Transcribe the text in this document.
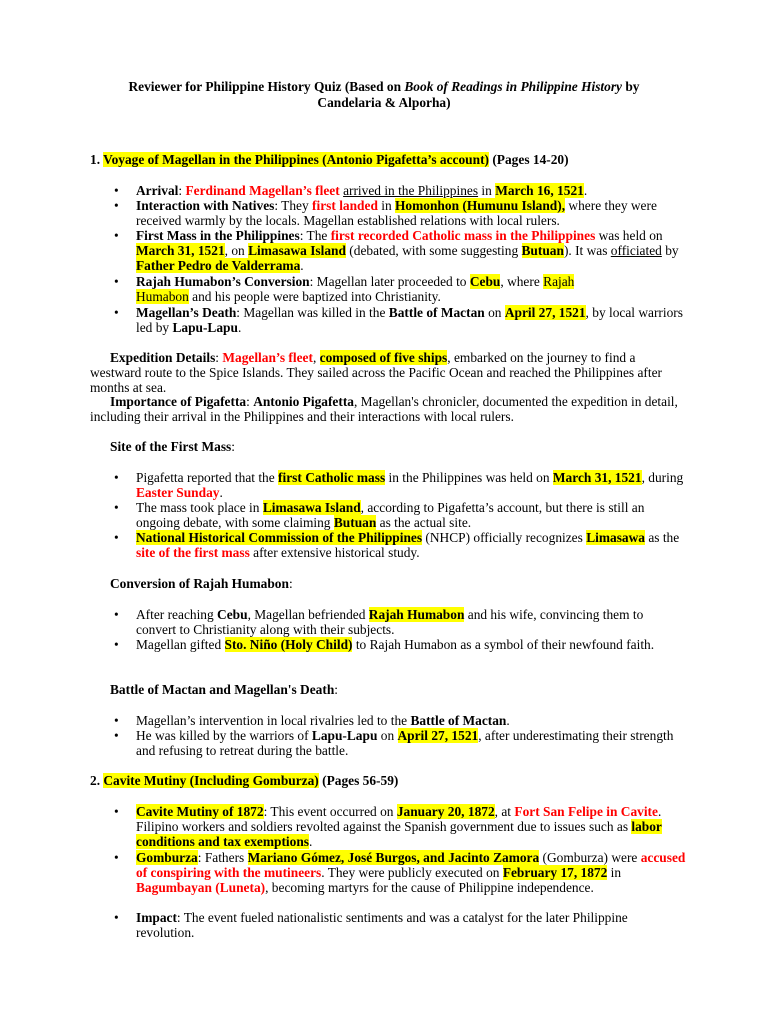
Reviewer for Philippine History Quiz (Based on Book of Readings in Philippine History by
Candelaria & Alporha)
1. Voyage of Magellan in the Philippines (Antonio Pigafetta’s account) (Pages 14-20)
•	Arrival: Ferdinand Magellan’s fleet arrived in the Philippines in March 16, 1521.
•	Interaction with Natives: They first landed in Homonhon (Humunu Island), where they were received warmly by the locals. Magellan established relations with local rulers.
•	First Mass in the Philippines: The first recorded Catholic mass in the Philippines was held on March 31, 1521, on Limasawa Island (debated, with some suggesting Butuan). It was officiated by Father Pedro de Valderrama.
•	Rajah Humabon’s Conversion: Magellan later proceeded to Cebu, where Rajah
Humabon and his people were baptized into Christianity.
•	Magellan’s Death: Magellan was killed in the Battle of Mactan on April 27, 1521, by local warriors led by Lapu-Lapu.
Expedition Details: Magellan’s fleet, composed of five ships, embarked on the journey to find a westward route to the Spice Islands. They sailed across the Pacific Ocean and reached the Philippines after months at sea.
Importance of Pigafetta: Antonio Pigafetta, Magellan's chronicler, documented the expedition in detail, including their arrival in the Philippines and their interactions with local rulers.
Site of the First Mass:
•	Pigafetta reported that the first Catholic mass in the Philippines was held on March 31, 1521, during Easter Sunday.
•	The mass took place in Limasawa Island, according to Pigafetta’s account, but there is still an ongoing debate, with some claiming Butuan as the actual site.
•	National Historical Commission of the Philippines (NHCP) officially recognizes Limasawa as the site of the first mass after extensive historical study.
Conversion of Rajah Humabon:
•	After reaching Cebu, Magellan befriended Rajah Humabon and his wife, convincing them to convert to Christianity along with their subjects.
•	Magellan gifted Sto. Niño (Holy Child) to Rajah Humabon as a symbol of their newfound faith.
Battle of Mactan and Magellan's Death:
•	Magellan’s intervention in local rivalries led to the Battle of Mactan.
•	He was killed by the warriors of Lapu-Lapu on April 27, 1521, after underestimating their strength and refusing to retreat during the battle.
2. Cavite Mutiny (Including Gomburza) (Pages 56-59)
•	Cavite Mutiny of 1872: This event occurred on January 20, 1872, at Fort San Felipe in Cavite. Filipino workers and soldiers revolted against the Spanish government due to issues such as labor conditions and tax exemptions.
•	Gomburza: Fathers Mariano Gómez, José Burgos, and Jacinto Zamora (Gomburza) were accused of conspiring with the mutineers. They were publicly executed on February 17, 1872 in Bagumbayan (Luneta), becoming martyrs for the cause of Philippine independence.
•	Impact: The event fueled nationalistic sentiments and was a catalyst for the later Philippine revolution.
